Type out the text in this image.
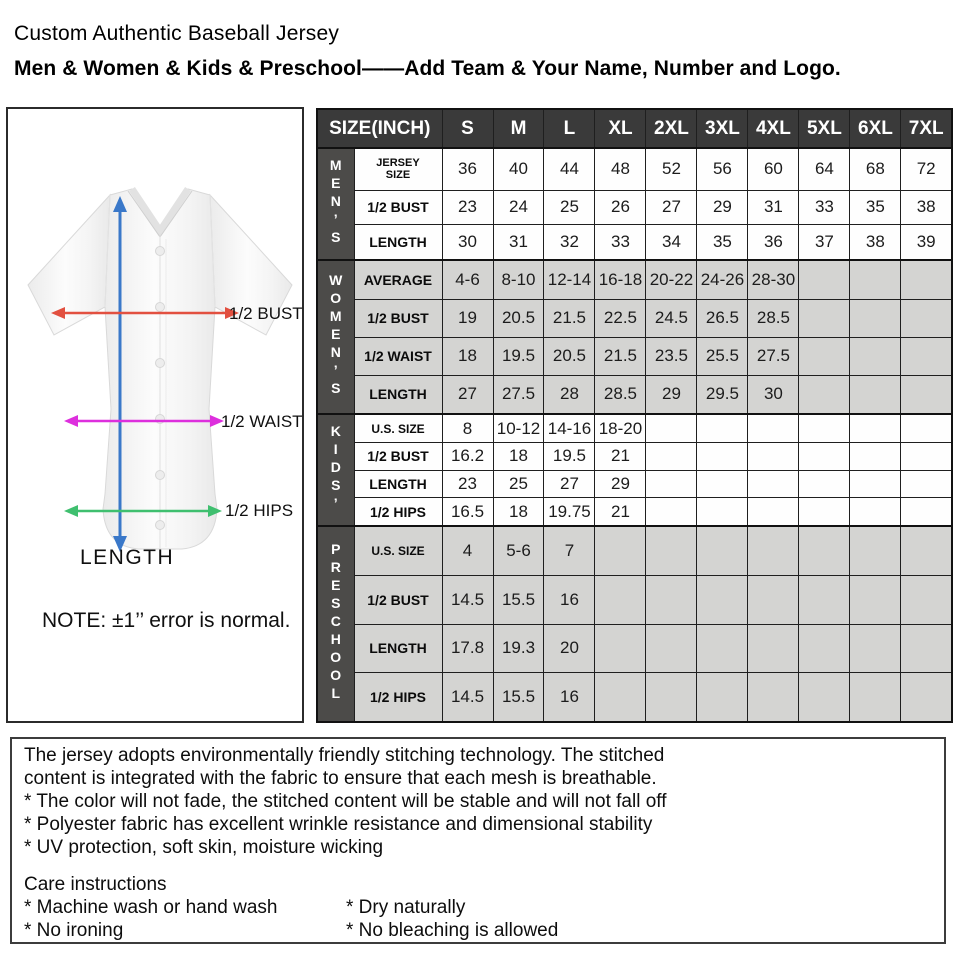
Custom Authentic Baseball Jersey
Men & Women & Kids & Preschool——Add Team & Your Name, Number and Logo.
1/2 BUST
1/2 WAIST
1/2 HIPS
LENGTH
NOTE: ±1’’ error is normal.
SIZE(INCH)		S	M	L	XL	2XL	3XL	4XL	5XL	6XL	7XL
MEN’S	JERSEY SIZE	36	40	44	48	52	56	60	64	68	72

	1/2 BUST	23	24	25	26	27	29	31	33	35	38

	LENGTH	30	31	32	33	34	35	36	37	38	39
WOMEN’S	AVERAGE	4-6	8-10	12-14	16-18	20-22	24-26	28-30			

	1/2 BUST	19	20.5	21.5	22.5	24.5	26.5	28.5			

	1/2 WAIST	18	19.5	20.5	21.5	23.5	25.5	27.5			

	LENGTH	27	27.5	28	28.5	29	29.5	30			
KIDS’	U.S. SIZE	8	10-12	14-16	18-20						

	1/2 BUST	16.2	18	19.5	21						

	LENGTH	23	25	27	29						

	1/2 HIPS	16.5	18	19.75	21						
PRESCHOOL	U.S. SIZE	4	5-6	7							

	1/2 BUST	14.5	15.5	16							

	LENGTH	17.8	19.3	20							

	1/2 HIPS	14.5	15.5	16							
The jersey adopts environmentally friendly stitching technology. The stitched
content is integrated with the fabric to ensure that each mesh is breathable.
* The color will not fade, the stitched content will be stable and will not fall off
* Polyester fabric has excellent wrinkle resistance and dimensional stability
* UV protection, soft skin, moisture wicking
Care instructions
* Machine wash or hand wash	* Dry naturally
* No ironing	* No bleaching is allowed
